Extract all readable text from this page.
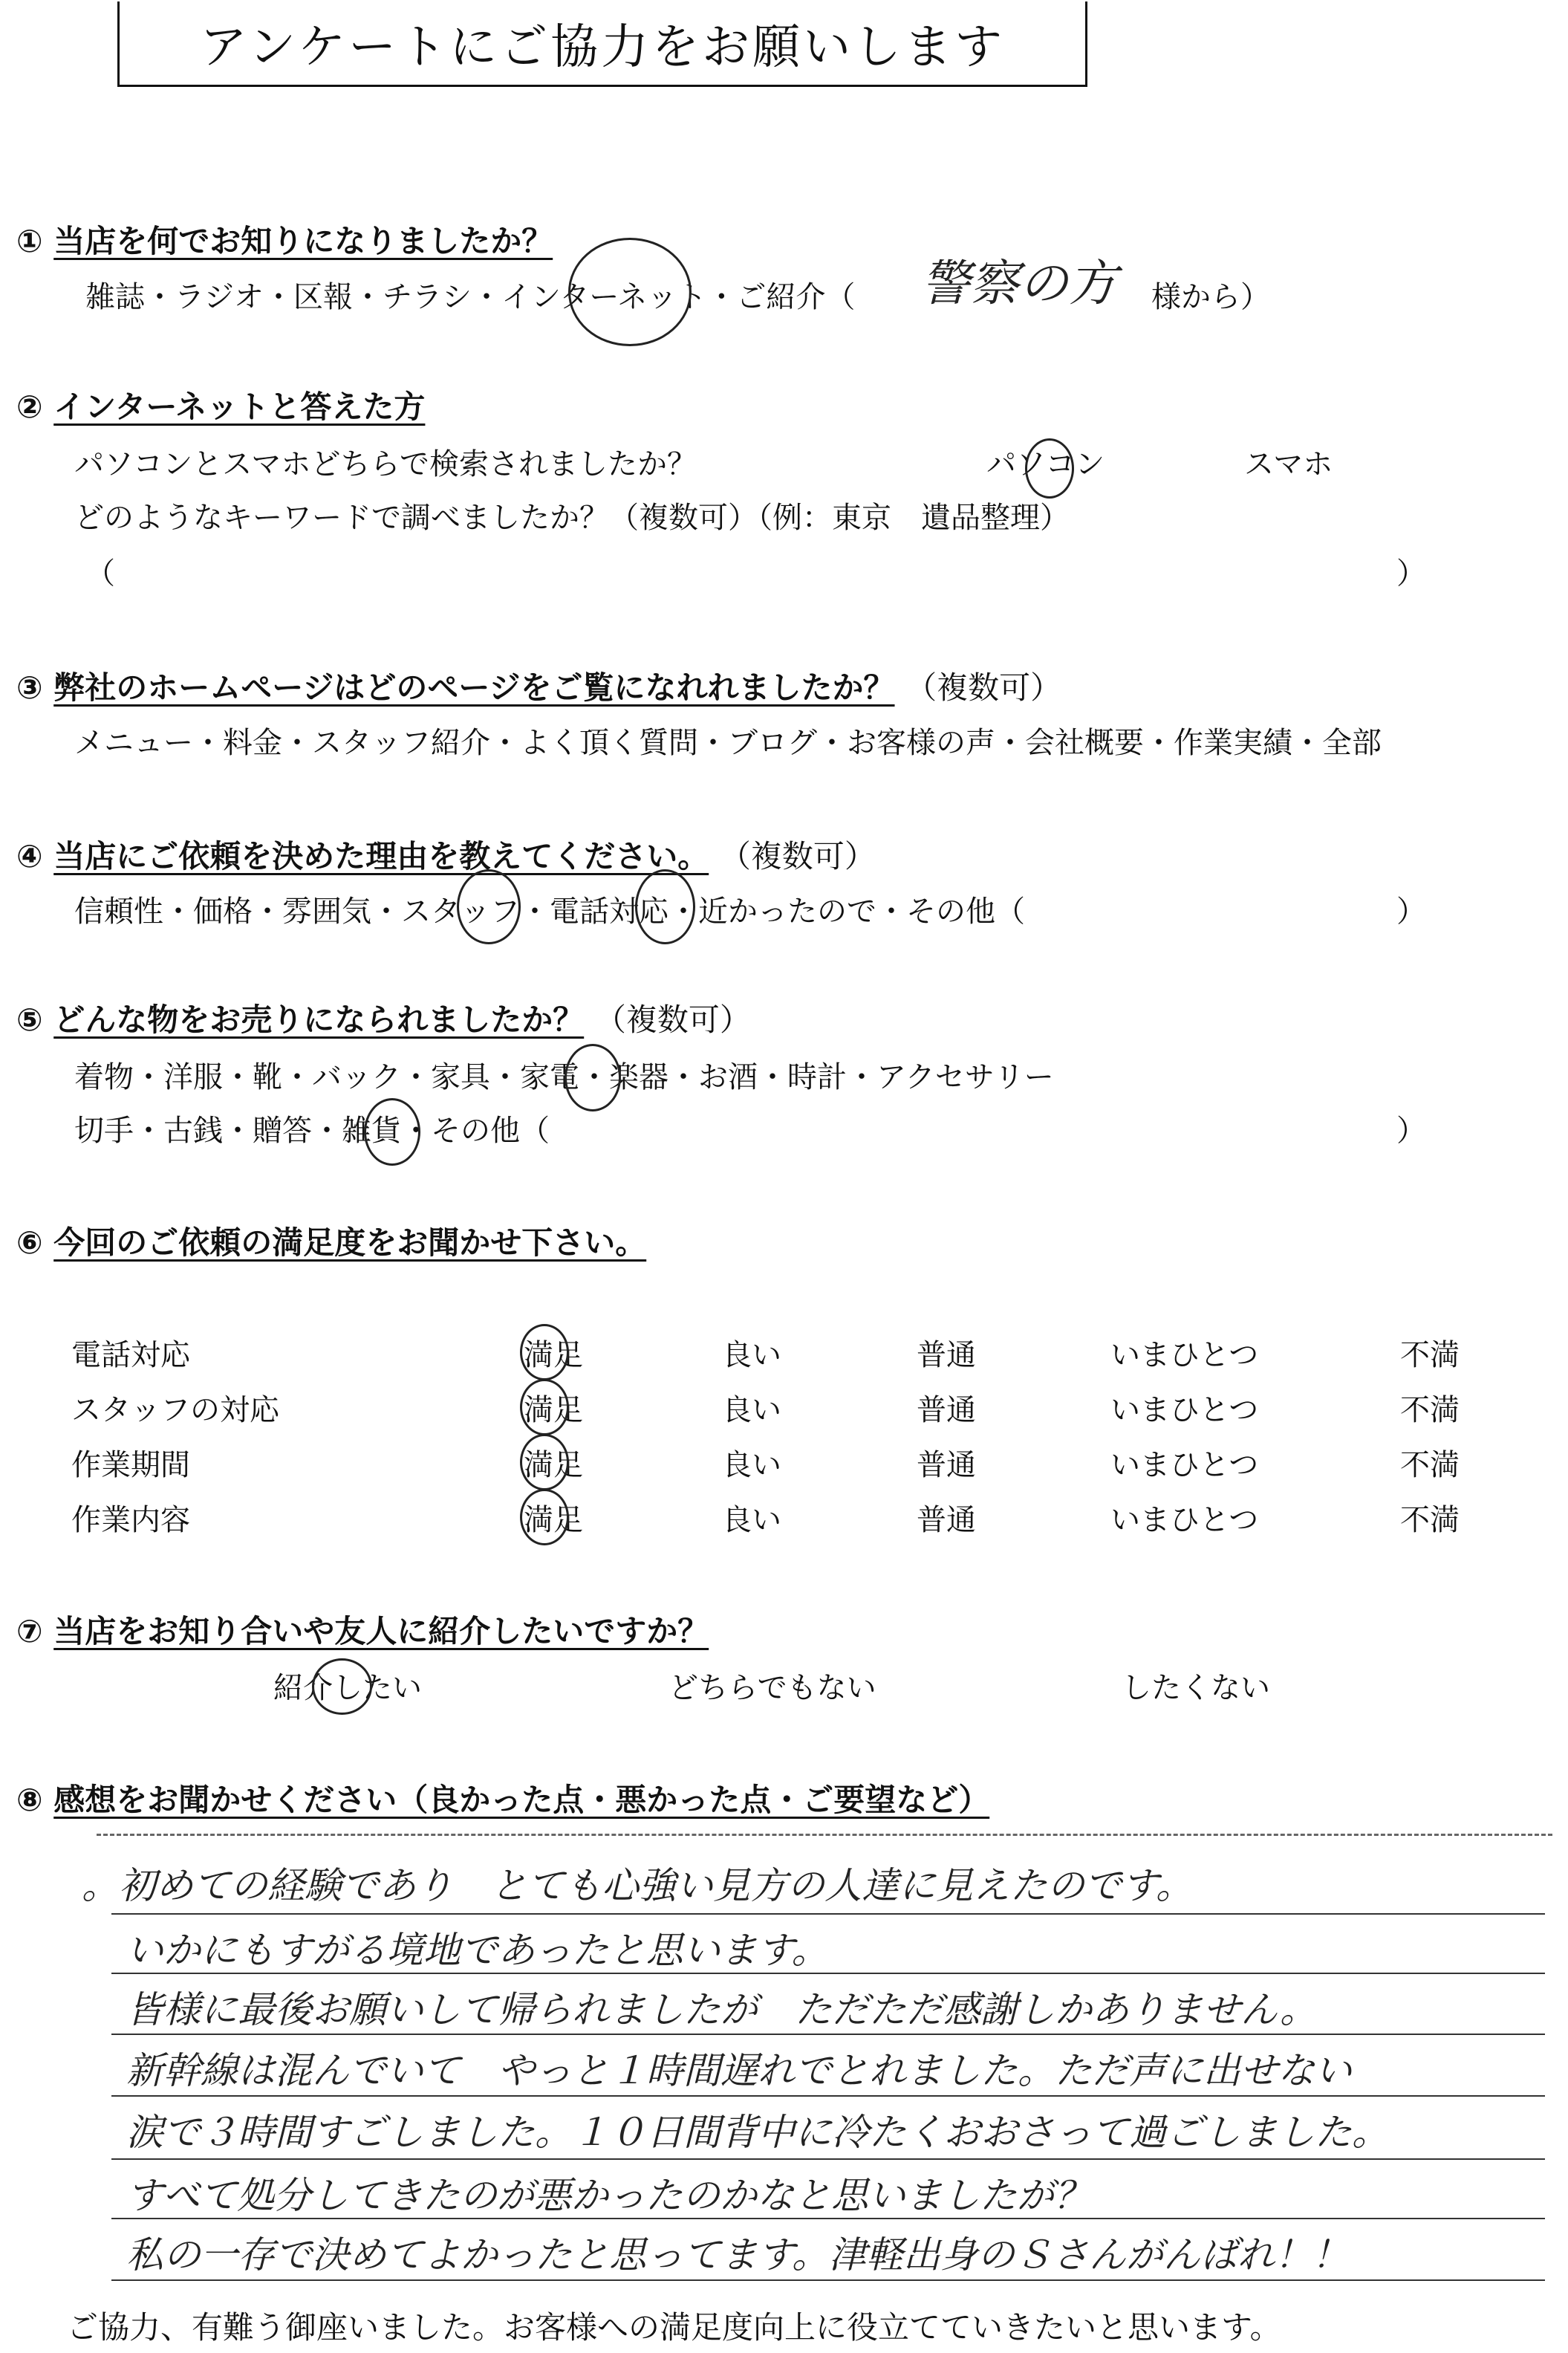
アンケートにご協力をお願いします
① 当店を何でお知りになりましたか？
雑誌・ラジオ・区報・チラシ・インターネット・ご紹介（ 警察の方 様から）
② インターネットと答えた方
パソコンとスマホどちらで検索されましたか？	パソコン	スマホ
どのようなキーワードで調べましたか？（複数可）（例：東京　遺品整理）
（	）
③ 弊社のホームページはどのページをご覧になれれましたか？ （複数可）
メニュー・料金・スタッフ紹介・よく頂く質問・ブログ・お客様の声・会社概要・作業実績・全部
④ 当店にご依頼を決めた理由を教えてください。 （複数可）
信頼性・価格・雰囲気・スタッフ・電話対応・近かったので・その他（	）
⑤ どんな物をお売りになられましたか？ （複数可）
着物・洋服・靴・バック・家具・家電・楽器・お酒・時計・アクセサリー
切手・古銭・贈答・雑貨・その他（	）
⑥ 今回のご依頼の満足度をお聞かせ下さい。
電話対応	満足	良い	普通	いまひとつ	不満
スタッフの対応	満足	良い	普通	いまひとつ	不満
作業期間	満足	良い	普通	いまひとつ	不満
作業内容	満足	良い	普通	いまひとつ	不満
⑦ 当店をお知り合いや友人に紹介したいですか？
紹介したい	どちらでもない	したくない
⑧ 感想をお聞かせください（良かった点・悪かった点・ご要望など）
。初めての経験であり　とても心強い見方の人達に見えたのです。
いかにもすがる境地であったと思います。
皆様に最後お願いして帰られましたが　ただただ感謝しかありません。
新幹線は混んでいて　やっと１時間遅れでとれました。ただ声に出せない
涙で３時間すごしました。１０日間背中に冷たくおおさって過ごしました。
すべて処分してきたのが悪かったのかなと思いましたが？
私の一存で決めてよかったと思ってます。津軽出身のＳさんがんばれ！！
ご協力、有難う御座いました。お客様への満足度向上に役立てていきたいと思います。
